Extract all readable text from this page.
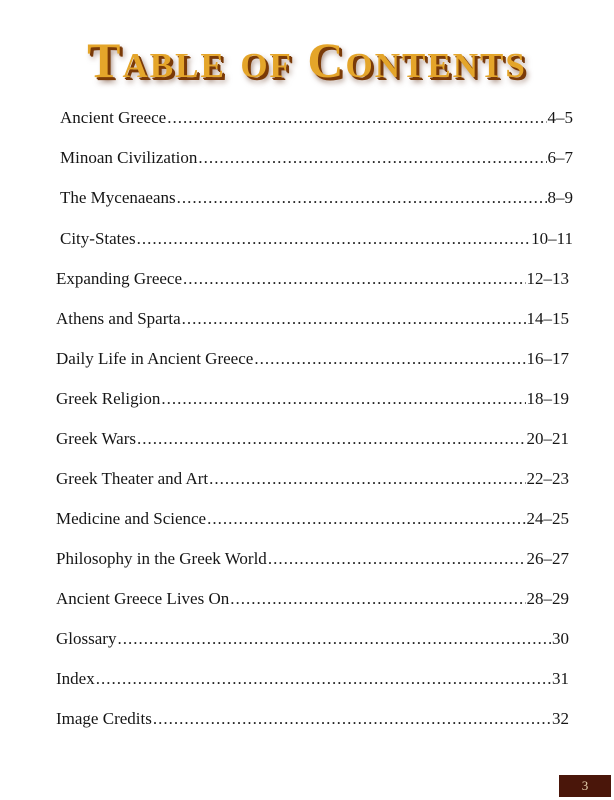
Table of Contents
Ancient Greece .....	4–5
Minoan Civilization .....	6–7
The Mycenaeans .....	8–9
City-States .....	10–11
Expanding Greece .....	12–13
Athens and Sparta .....	14–15
Daily Life in Ancient Greece .....	16–17
Greek Religion .....	18–19
Greek Wars .....	20–21
Greek Theater and Art .....	22–23
Medicine and Science .....	24–25
Philosophy in the Greek World .....	26–27
Ancient Greece Lives On .....	28–29
Glossary .....	30
Index .....	31
Image Credits .....	32
3
